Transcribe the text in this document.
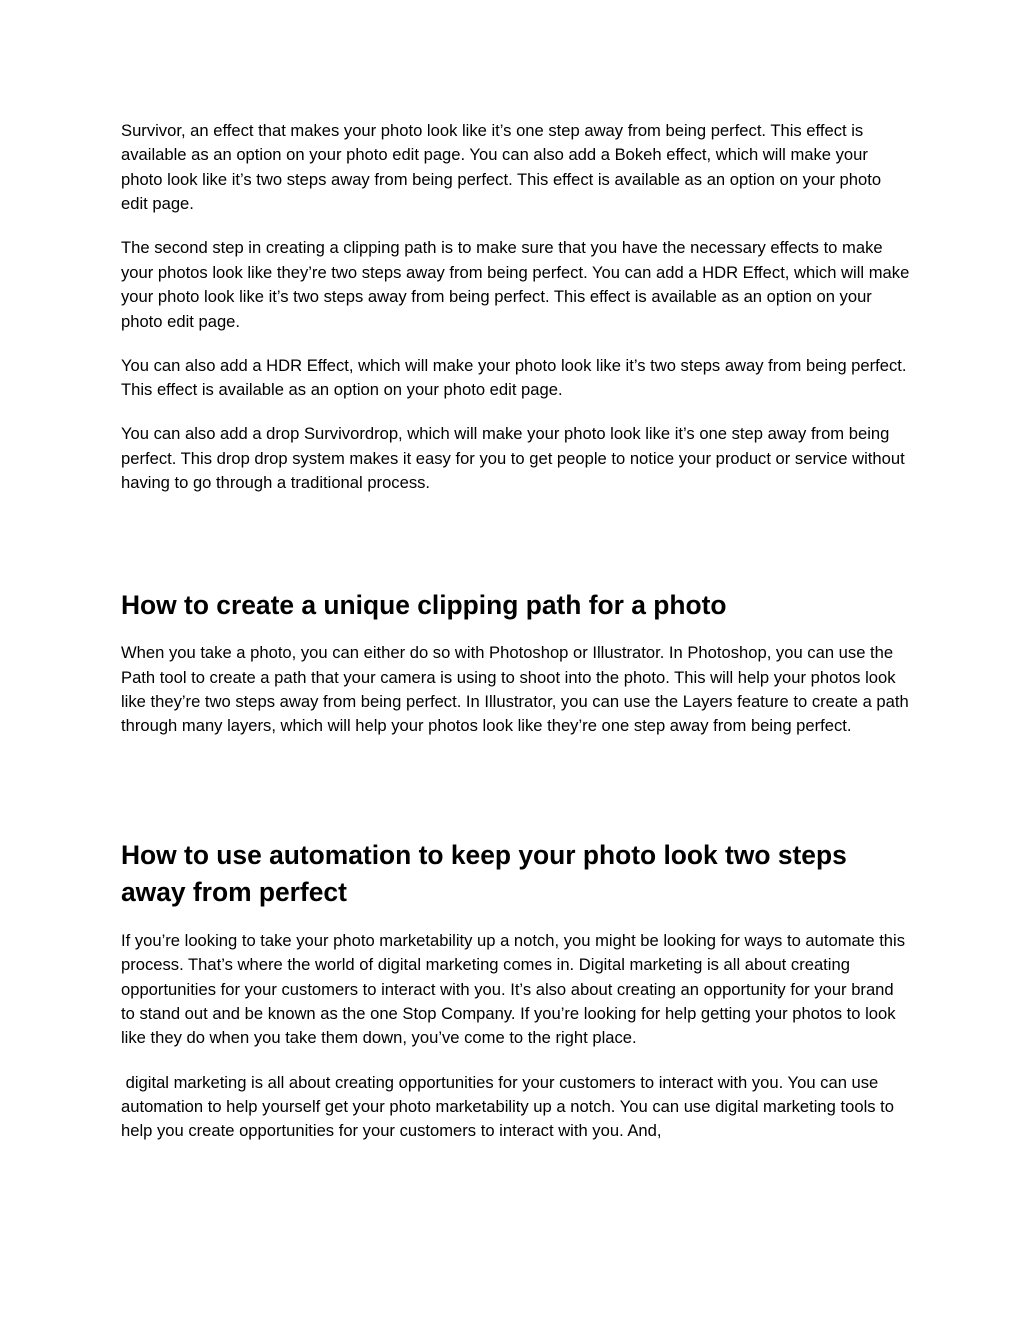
Survivor, an effect that makes your photo look like it’s one step away from being perfect. This effect is available as an option on your photo edit page. You can also add a Bokeh effect, which will make your photo look like it’s two steps away from being perfect. This effect is available as an option on your photo edit page.

The second step in creating a clipping path is to make sure that you have the necessary effects to make your photos look like they’re two steps away from being perfect. You can add a HDR Effect, which will make your photo look like it’s two steps away from being perfect. This effect is available as an option on your photo edit page.

You can also add a HDR Effect, which will make your photo look like it’s two steps away from being perfect. This effect is available as an option on your photo edit page.

You can also add a drop Survivordrop, which will make your photo look like it’s one step away from being perfect. This drop drop system makes it easy for you to get people to notice your product or service without having to go through a traditional process.

How to create a unique clipping path for a photo

When you take a photo, you can either do so with Photoshop or Illustrator. In Photoshop, you can use the Path tool to create a path that your camera is using to shoot into the photo. This will help your photos look like they’re two steps away from being perfect. In Illustrator, you can use the Layers feature to create a path through many layers, which will help your photos look like they’re one step away from being perfect.

How to use automation to keep your photo look two steps away from perfect

If you’re looking to take your photo marketability up a notch, you might be looking for ways to automate this process. That’s where the world of digital marketing comes in. Digital marketing is all about creating opportunities for your customers to interact with you. It’s also about creating an opportunity for your brand to stand out and be known as the one Stop Company. If you’re looking for help getting your photos to look like they do when you take them down, you’ve come to the right place.

digital marketing is all about creating opportunities for your customers to interact with you. You can use automation to help yourself get your photo marketability up a notch. You can use digital marketing tools to help you create opportunities for your customers to interact with you. And,
